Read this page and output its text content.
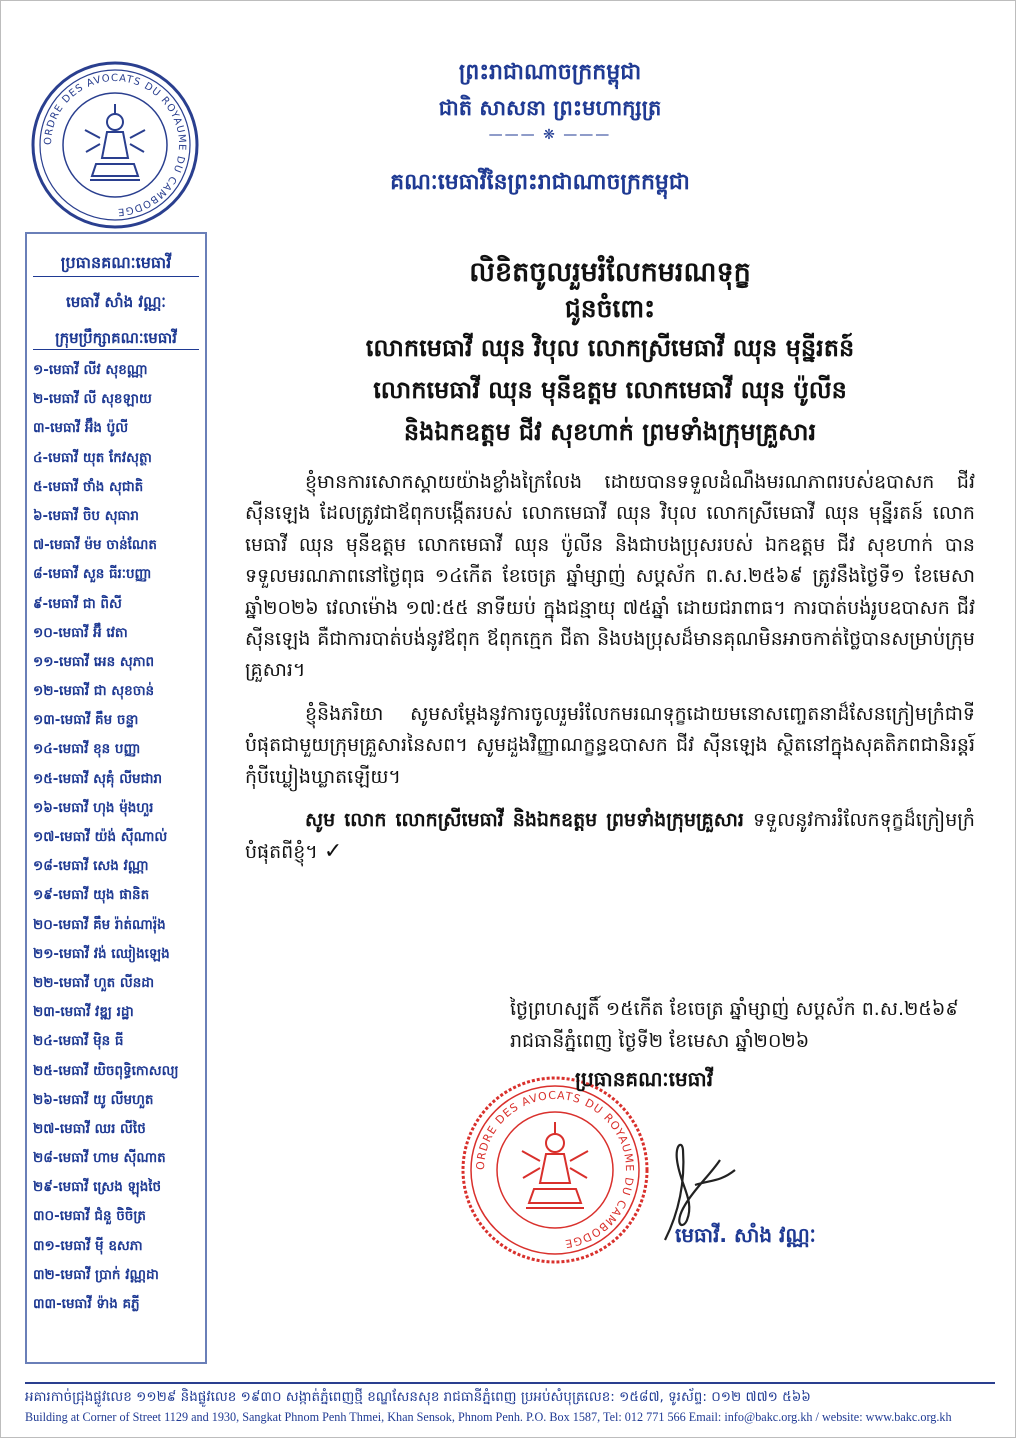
ORDRE DES AVOCATS DU ROYAUME DU CAMBODGE
ព្រះរាជាណាចក្រកម្ពុជា
ជាតិ សាសនា ព្រះមហាក្សត្រ
——— ❋ ———
គណៈមេធាវីនៃព្រះរាជាណាចក្រកម្ពុជា
ប្រធានគណៈមេធាវី
មេធាវី សាំង វណ្ណៈ
ក្រុមប្រឹក្សាគណៈមេធាវី
១-មេធាវី លីវ សុខណ្ណា
២-មេធាវី លី សុខឡាយ
៣-មេធាវី អ៊ឹង ប៉ូលី
៤-មេធាវី យុត កែវសុត្ថា
៥-មេធាវី ថាំង សុជាតិ
៦-មេធាវី ចិប សុធារា
៧-មេធាវី ម៉ម ចាន់ណែត
៨-មេធាវី សួន ធីរៈបញ្ញា
៩-មេធាវី ជា ពិសី
១០-មេធាវី អ៊ឹ វេតា
១១-មេធាវី អេន សុភាព
១២-មេធាវី ជា សុខចាន់
១៣-មេធាវី គឹម ចន្ទា
១៤-មេធាវី ខុន បញ្ញា
១៥-មេធាវី សុគុំ លីមជារា
១៦-មេធាវី ហុង ម៉ុងហួរ
១៧-មេធាវី យ៉ង់ ស៊ីណាល់
១៨-មេធាវី សេង វណ្ណា
១៩-មេធាវី យុង ផានិត
២០-មេធាវី គឹម រ៉ាត់ណារ៉ុង
២១-មេធាវី វង់ ឈៀងឡេង
២២-មេធាវី ហួត លីនដា
២៣-មេធាវី វឌ្ឍ រដ្ឋា
២៤-មេធាវី ម៉ិន ធី
២៥-មេធាវី យិចពុទ្ធិកោសល្យ
២៦-មេធាវី យូ លីមហួត
២៧-មេធាវី ឈរ លីថៃ
២៨-មេធាវី ហាម ស៊ីណាត
២៩-មេធាវី ស្រេង ឡុងថៃ
៣០-មេធាវី ជំនួ ចិចិត្រ
៣១-មេធាវី ម៉ី ឧសភា
៣២-មេធាវី ប្រាក់ វណ្ណដា
៣៣-មេធាវី ទ៉ាង គភ្លី
លិខិតចូលរួមរំលែកមរណទុក្ខ
ជូនចំពោះ
លោកមេធាវី ឈុន វិបុល លោកស្រីមេធាវី ឈុន មុន្នីរតន៍
លោកមេធាវី ឈុន មុនីឧត្តម លោកមេធាវី ឈុន ប៉ូលីន
និងឯកឧត្តម ជីវ សុខហាក់ ព្រមទាំងក្រុមគ្រួសារ

ខ្ញុំមានការសោកស្តាយយ៉ាងខ្លាំងក្រៃលែង ដោយបានទទួលដំណឹងមរណភាពរបស់ឧបាសក ជីវ ស៊ីនឡេង ដែលត្រូវជាឪពុកបង្កើតរបស់ លោកមេធាវី ឈុន វិបុល លោកស្រីមេធាវី ឈុន មុន្នីរតន៍ លោកមេធាវី ឈុន មុនីឧត្តម លោកមេធាវី ឈុន ប៉ូលីន និងជាបងប្រុសរបស់ ឯកឧត្តម ជីវ សុខហាក់ បានទទួលមរណភាពនៅថ្ងៃពុធ ១៤កើត ខែចេត្រ ឆ្នាំម្សាញ់ សប្តស័ក ព.ស.២៥៦៩ ត្រូវនឹងថ្ងៃទី១ ខែមេសា ឆ្នាំ២០២៦ វេលាម៉ោង ១៧:៥៥ នាទីយប់ ក្នុងជន្មាយុ ៧៥ឆ្នាំ ដោយជរាពាធ។ ការបាត់បង់រូបឧបាសក ជីវ ស៊ីនឡេង គឺជាការបាត់បង់នូវឪពុក ឪពុកក្មេក ជីតា និងបងប្រុសដ៏មានគុណមិនអាចកាត់ថ្លៃបានសម្រាប់ក្រុមគ្រួសារ។

ខ្ញុំនិងភរិយា សូមសម្តែងនូវការចូលរួមរំលែកមរណទុក្ខដោយមនោសញ្ចេតនាដ៏សែនក្រៀមក្រំជាទីបំផុតជាមួយក្រុមគ្រួសារនៃសព។ សូមដួងវិញ្ញាណក្ខន្ធឧបាសក ជីវ ស៊ីនឡេង ស្ថិតនៅក្នុងសុគតិភពជានិរន្តរ៍កុំបីឃ្លៀងឃ្លាតឡើយ។

សូម លោក លោកស្រីមេធាវី និងឯកឧត្តម ព្រមទាំងក្រុមគ្រួសារ ទទួលនូវការរំលែកទុក្ខដ៏ក្រៀមក្រំបំផុតពីខ្ញុំ។ ✓

ថ្ងៃព្រហស្បតិ៍ ១៥កើត ខែចេត្រ ឆ្នាំម្សាញ់ សប្តស័ក ព.ស.២៥៦៩
រាជធានីភ្នំពេញ ថ្ងៃទី២ ខែមេសា ឆ្នាំ២០២៦
ORDRE DES AVOCATS DU ROYAUME DU CAMBODGE
ប្រធានគណៈមេធាវី
មេធាវី. សាំង វណ្ណៈ
អគារកាច់ជ្រុងផ្លូវលេខ ១១២៩ និងផ្លូវលេខ ១៩៣០ សង្កាត់ភ្នំពេញថ្មី ខណ្ឌសែនសុខ រាជធានីភ្នំពេញ ប្រអប់សំបុត្រលេខ: ១៥៨៧, ទូរស័ព្ទ: ០១២ ៧៧១ ៥៦៦
Building at Corner of Street 1129 and 1930, Sangkat Phnom Penh Thmei, Khan Sensok, Phnom Penh. P.O. Box 1587, Tel: 012 771 566 Email: info@bakc.org.kh / website: www.bakc.org.kh
